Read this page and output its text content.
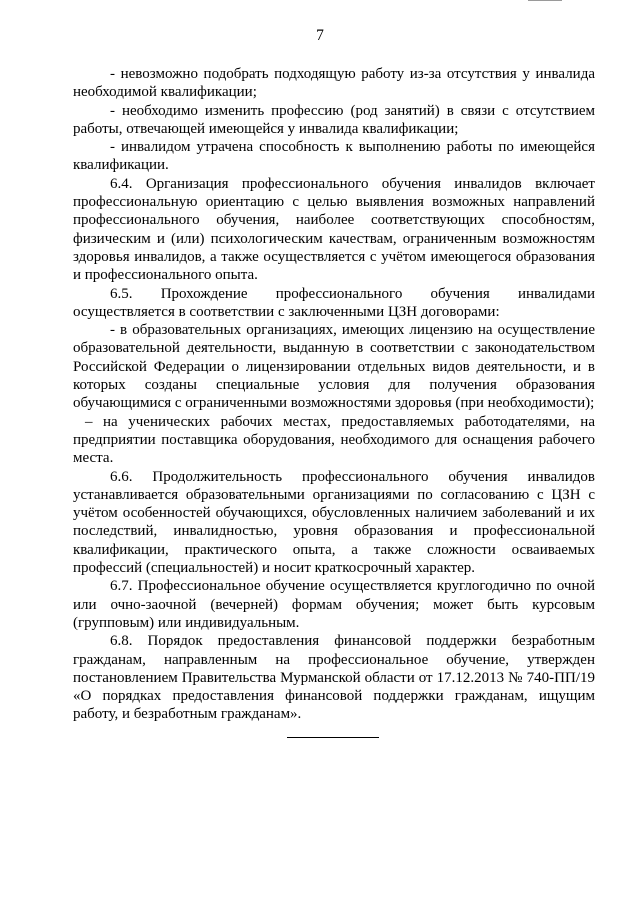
7

- невозможно подобрать подходящую работу из-за отсутствия у инвалида необходимой квалификации;

- необходимо изменить профессию (род занятий) в связи с отсутствием работы, отвечающей имеющейся у инвалида квалификации;

- инвалидом утрачена способность к выполнению работы по имеющейся квалификации.

6.4. Организация профессионального обучения инвалидов включает профессиональную ориентацию с целью выявления возможных направлений профессионального обучения, наиболее соответствующих способностям, физическим и (или) психологическим качествам, ограниченным возможностям здоровья инвалидов, а также осуществляется с учётом имеющегося образования и профессионального опыта.

6.5. Прохождение профессионального обучения инвалидами осуществляется в соответствии с заключенными ЦЗН договорами:

- в образовательных организациях, имеющих лицензию на осуществление образовательной деятельности, выданную в соответствии с законодательством Российской Федерации о лицензировании отдельных видов деятельности, и в которых созданы специальные условия для получения образования обучающимися с ограниченными возможностями здоровья (при необходимости);

– на ученических рабочих местах, предоставляемых работодателями, на предприятии поставщика оборудования, необходимого для оснащения рабочего места.

6.6. Продолжительность профессионального обучения инвалидов устанавливается образовательными организациями по согласованию с ЦЗН с учётом особенностей обучающихся, обусловленных наличием заболеваний и их последствий, инвалидностью, уровня образования и профессиональной квалификации, практического опыта, а также сложности осваиваемых профессий (специальностей) и носит краткосрочный характер.

6.7. Профессиональное обучение осуществляется круглогодично по очной или очно-заочной (вечерней) формам обучения; может быть курсовым (групповым) или индивидуальным.

6.8. Порядок предоставления финансовой поддержки безработным гражданам, направленным на профессиональное обучение, утвержден постановлением Правительства Мурманской области от 17.12.2013 № 740-ПП/19 «О порядках предоставления финансовой поддержки гражданам, ищущим работу, и безработным гражданам».
